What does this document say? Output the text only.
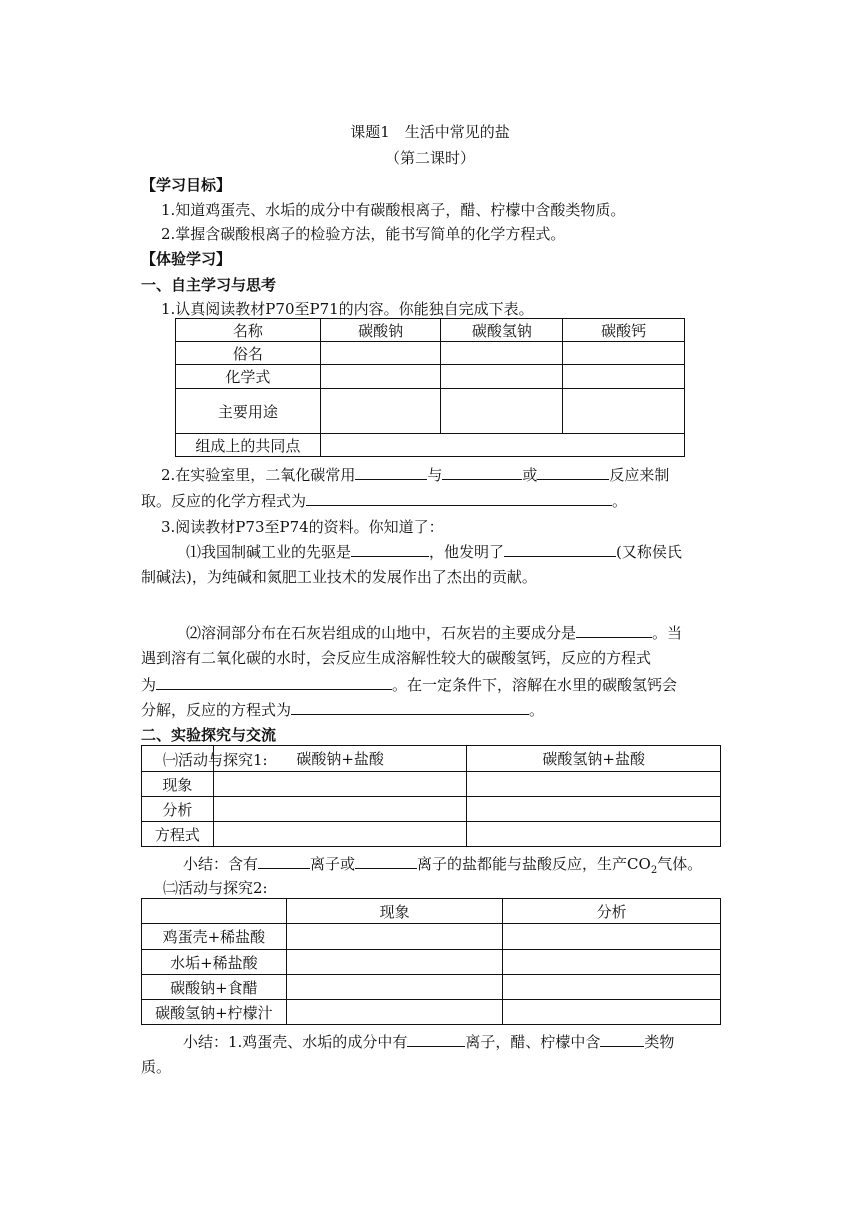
课题1　生活中常见的盐
（第二课时）
【学习目标】
1.知道鸡蛋壳、水垢的成分中有碳酸根离子，醋、柠檬中含酸类物质。
2.掌握含碳酸根离子的检验方法，能书写简单的化学方程式。
【体验学习】
一、自主学习与思考
1.认真阅读教材P70至P71的内容。你能独自完成下表。
名称	碳酸钠	碳酸氢钠	碳酸钙
俗名			
化学式			
主要用途			
组成上的共同点			
2.在实验室里，二氧化碳常用	与	或	反应来制
取。反应的化学方程式为	。
3.阅读教材P73至P74的资料。你知道了：
⑴我国制碱工业的先驱是	，他发明了	(又称侯氏
制碱法)，为纯碱和氮肥工业技术的发展作出了杰出的贡献。
⑵溶洞部分布在石灰岩组成的山地中，石灰岩的主要成分是	。当
遇到溶有二氧化碳的水时，会反应生成溶解性较大的碳酸氢钙，反应的方程式
为	。在一定条件下，溶解在水里的碳酸氢钙会
分解，反应的方程式为	。
二、实验探究与交流
㈠活动与探究1:
	碳酸钠+盐酸	碳酸氢钠+盐酸
现象		
分析		
方程式		
小结：含有	离子或	离子的盐都能与盐酸反应，生产$CO_2$气体。
㈡活动与探究2:
	现象	分析
鸡蛋壳+稀盐酸		
水垢+稀盐酸		
碳酸钠+食醋		
碳酸氢钠+柠檬汁		
小结：1.鸡蛋壳、水垢的成分中有	离子，醋、柠檬中含	类物
质。
